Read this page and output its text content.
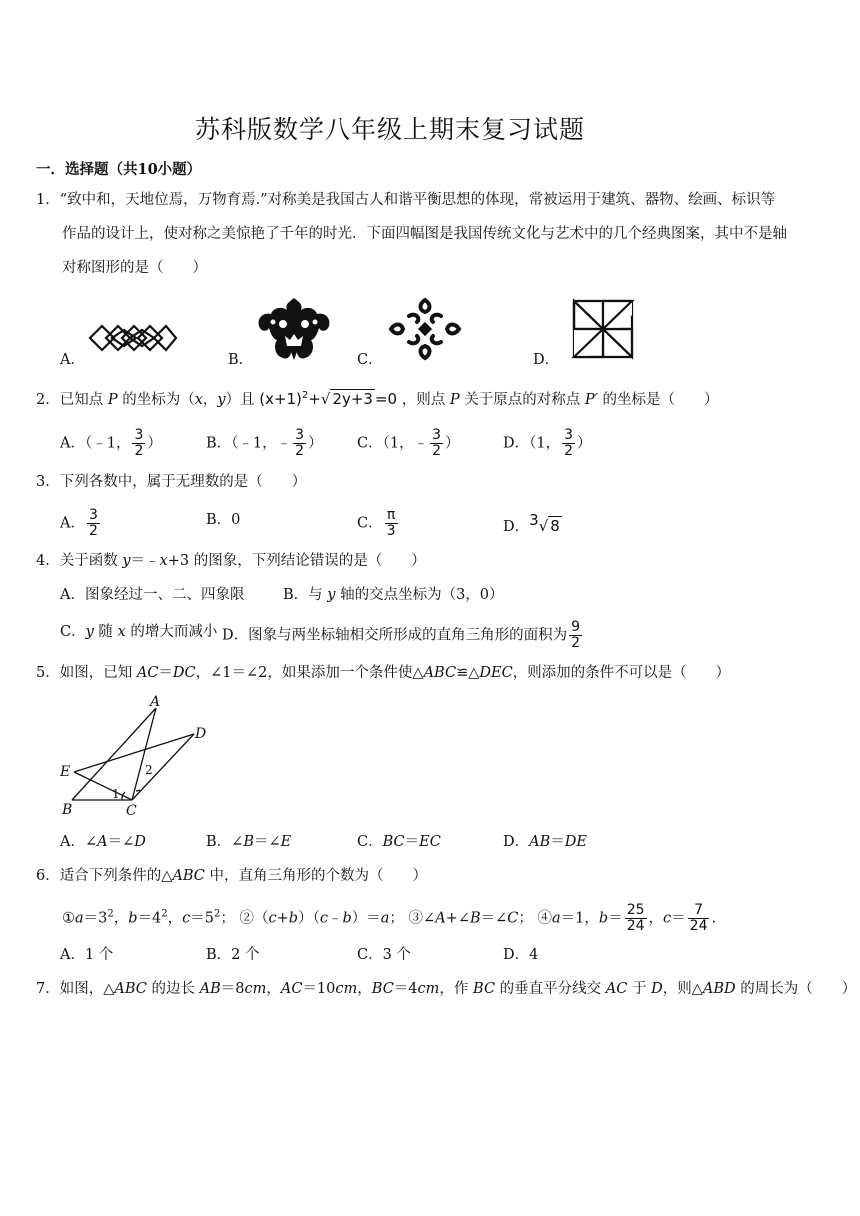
苏科版数学八年级上期末复习试题
一．选择题（共10小题）
1．“致中和，天地位焉，万物育焉.”对称美是我国古人和谐平衡思想的体现，常被运用于建筑、器物、绘画、标识等
作品的设计上，使对称之美惊艳了千年的时光．下面四幅图是我国传统文化与艺术中的几个经典图案，其中不是轴
对称图形的是（　　）
A．	B．	C．	D．
2．已知点 P 的坐标为（x，y）且 $(x+1)^2+√$ 2y+3 =0 ，则点 P 关于原点的对称点 P′ 的坐标是（　　）
A．（﹣1， $\frac{3}{2}$ ）	B．（﹣1，﹣ $\frac{3}{2}$ ） C．（1，﹣ $\frac{3}{2}$ ）	D．（1， $\frac{3}{2}$ ）
3．下列各数中，属于无理数的是（　　）
A． $\frac{3}{2}$	B．0	C． $\frac{\pi}{3}$	D．$^3$√ 8
4．关于函数 y＝﹣x+3 的图象，下列结论错误的是（　　）
A．图象经过一、二、四象限	B．与 y 轴的交点坐标为（3，0）
C．y 随 x 的增大而减小 D．图象与两坐标轴相交所形成的直角三角形的面积为 $\frac{9}{2}$
5．如图，已知 AC＝DC，∠1＝∠2，如果添加一个条件使△ABC≌△DEC，则添加的条件不可以是（　　）
A
D
E
B	C
1
2
A．∠A＝∠D	B．∠B＝∠E	C．BC＝EC	D．AB＝DE
6．适合下列条件的△ABC 中，直角三角形的个数为（　　）
$①a=3^2$，$b=4^2$，$c=5^2$； ②（c+b）（c﹣b）＝a； ③∠A+∠B＝∠C； ④a＝1，$b= \frac{25}{24}$ ，$c= \frac{7}{24}$ .
A．1 个	B．2 个	C．3 个	D．4
7．如图，△ABC 的边长 AB＝8cm，AC＝10cm，BC＝4cm，作 BC 的垂直平分线交 AC 于 D，则△ABD 的周长为（　　）
